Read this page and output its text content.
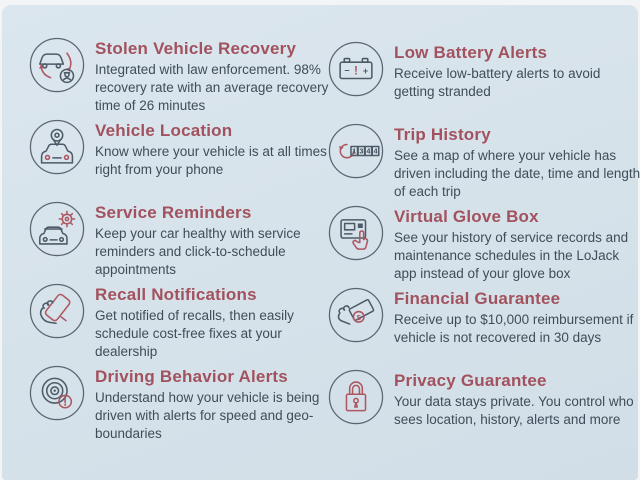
Stolen Vehicle Recovery

Integrated with law enforcement. 98% recovery rate with an average recovery time of 26 minutes

Vehicle Location

Know where your vehicle is at all times right from your phone

Service Reminders

Keep your car healthy with service reminders and click-to-schedule appointments

Recall Notifications

Get notified of recalls, then easily schedule cost-free fixes at your dealership

Driving Behavior Alerts

Understand how your vehicle is being driven with alerts for speed and geo-boundaries

− ! +
Low Battery Alerts

Receive low-battery alerts to avoid getting stranded

1 3 4 4
Trip History

See a map of where your vehicle has driven including the date, time and length of each trip

Virtual Glove Box

See your history of service records and maintenance schedules in the LoJack app instead of your glove box

$
Financial Guarantee

Receive up to $10,000 reimbursement if vehicle is not recovered in 30 days

Privacy Guarantee

Your data stays private. You control who sees location, history, alerts and more
